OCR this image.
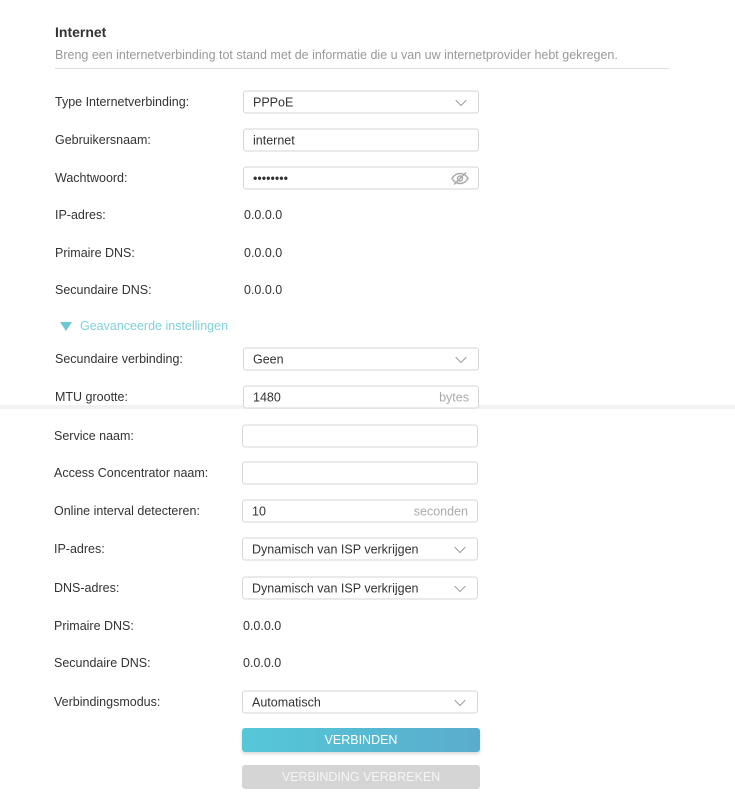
Internet
Breng een internetverbinding tot stand met de informatie die u van uw internetprovider hebt gekregen.
Geavanceerde instellingen
Type Internetverbinding:	PPPoE
Gebruikersnaam:	internet
Wachtwoord:	••••••••
IP-adres:	0.0.0.0
Primaire DNS:	0.0.0.0
Secundaire DNS:	0.0.0.0
Secundaire verbinding:	Geen
MTU grootte:	1480	bytes
Service naam:
Access Concentrator naam:
Online interval detecteren:	10	seconden
IP-adres:	Dynamisch van ISP verkrijgen
DNS-adres:	Dynamisch van ISP verkrijgen
Primaire DNS:	0.0.0.0
Secundaire DNS:	0.0.0.0
Verbindingsmodus:	Automatisch
VERBINDEN
VERBINDING VERBREKEN
